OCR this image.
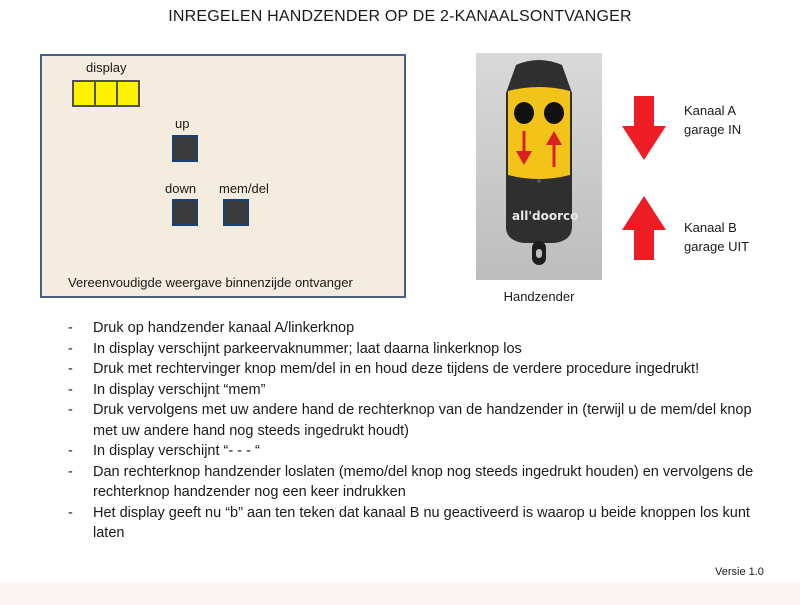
INREGELEN HANDZENDER OP DE 2-KANAALSONTVANGER
display
up
down mem/del
Vereenvoudigde weergave binnenzijde ontvanger
all'doorco
Handzender
Kanaal A
garage IN
Kanaal B
garage UIT
- Druk op handzender kanaal A/linkerknop
- In display verschijnt parkeervaknummer; laat daarna linkerknop los
- Druk met rechtervinger knop mem/del in en houd deze tijdens de verdere procedure ingedrukt!
- In display verschijnt “mem”
- Druk vervolgens met uw andere hand de rechterknop van de handzender in (terwijl u de mem/del knop met uw andere hand nog steeds ingedrukt houdt)
- In display verschijnt “- - - “
- Dan rechterknop handzender loslaten (memo/del knop nog steeds ingedrukt houden) en vervolgens de rechterknop handzender nog een keer indrukken
- Het display geeft nu “b” aan ten teken dat kanaal B nu geactiveerd is waarop u beide knoppen los kunt laten
Versie 1.0
